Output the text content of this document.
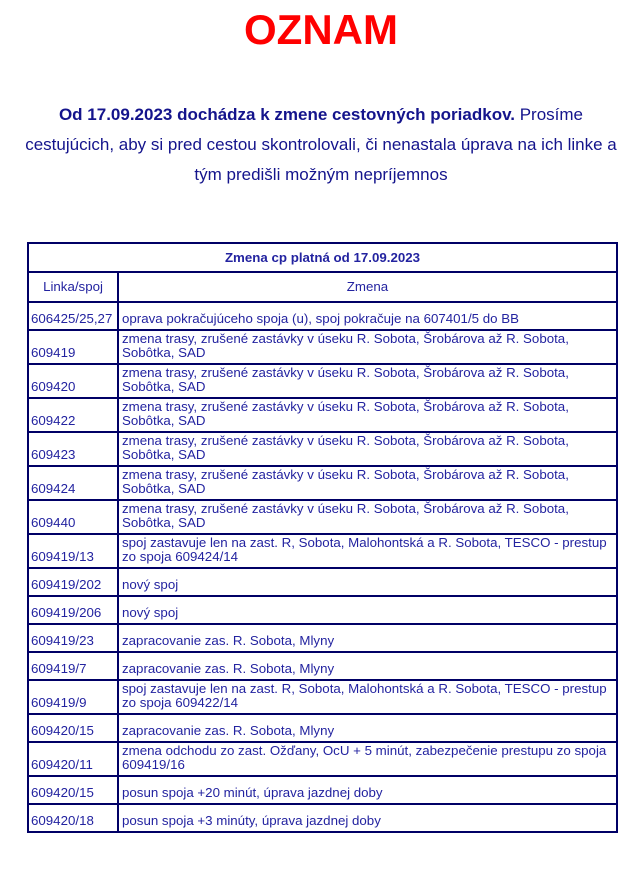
OZNAM

Od 17.09.2023 dochádza k zmene cestovných poriadkov. Prosíme cestujúcich, aby si pred cestou skontrolovali, či nenastala úprava na ich linke a tým predišli možným nepríjemnos

Zmena cp platná od 17.09.2023	
Linka/spoj	Zmena
606425/25,27	oprava pokračujúceho spoja (u), spoj pokračuje na 607401/5 do BB
609419	zmena trasy, zrušené zastávky v úseku R. Sobota, Šrobárova až R. Sobota, Sobôtka, SAD
609420	zmena trasy, zrušené zastávky v úseku R. Sobota, Šrobárova až R. Sobota, Sobôtka, SAD
609422	zmena trasy, zrušené zastávky v úseku R. Sobota, Šrobárova až R. Sobota, Sobôtka, SAD
609423	zmena trasy, zrušené zastávky v úseku R. Sobota, Šrobárova až R. Sobota, Sobôtka, SAD
609424	zmena trasy, zrušené zastávky v úseku R. Sobota, Šrobárova až R. Sobota, Sobôtka, SAD
609440	zmena trasy, zrušené zastávky v úseku R. Sobota, Šrobárova až R. Sobota, Sobôtka, SAD
609419/13	spoj zastavuje len na zast. R, Sobota, Malohontská a R. Sobota, TESCO - prestup zo spoja 609424/14
609419/202	nový spoj
609419/206	nový spoj
609419/23	zapracovanie zas. R. Sobota, Mlyny
609419/7	zapracovanie zas. R. Sobota, Mlyny
609419/9	spoj zastavuje len na zast. R, Sobota, Malohontská a R. Sobota, TESCO - prestup zo spoja 609422/14
609420/15	zapracovanie zas. R. Sobota, Mlyny
609420/11	zmena odchodu zo zast. Ožďany, OcU + 5 minút, zabezpečenie prestupu zo spoja 609419/16
609420/15	posun spoja +20 minút, úprava jazdnej doby
609420/18	posun spoja +3 minúty, úprava jazdnej doby
